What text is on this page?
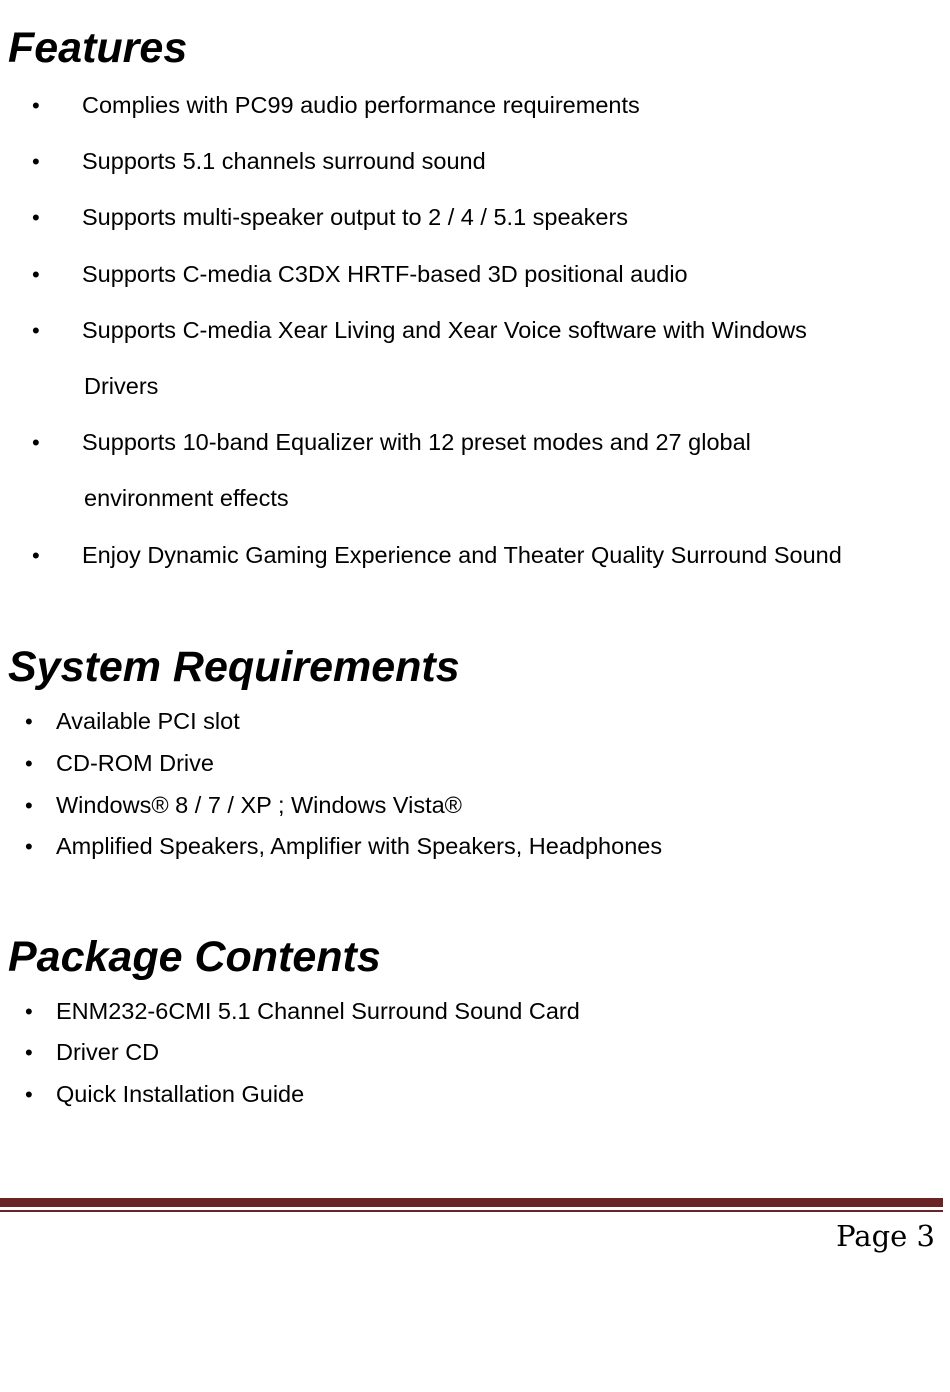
Features
• Complies with PC99 audio performance requirements
• Supports 5.1 channels surround sound
• Supports multi-speaker output to 2 / 4 / 5.1 speakers
• Supports C-media C3DX HRTF-based 3D positional audio
• Supports C-media Xear Living and Xear Voice software with Windows
Drivers
• Supports 10-band Equalizer with 12 preset modes and 27 global
environment effects
• Enjoy Dynamic Gaming Experience and Theater Quality Surround Sound
System Requirements
• Available PCI slot
• CD-ROM Drive
• Windows® 8 / 7 / XP ; Windows Vista®
• Amplified Speakers, Amplifier with Speakers, Headphones
Package Contents
• ENM232-6CMI 5.1 Channel Surround Sound Card
• Driver CD
• Quick Installation Guide
Page 3
